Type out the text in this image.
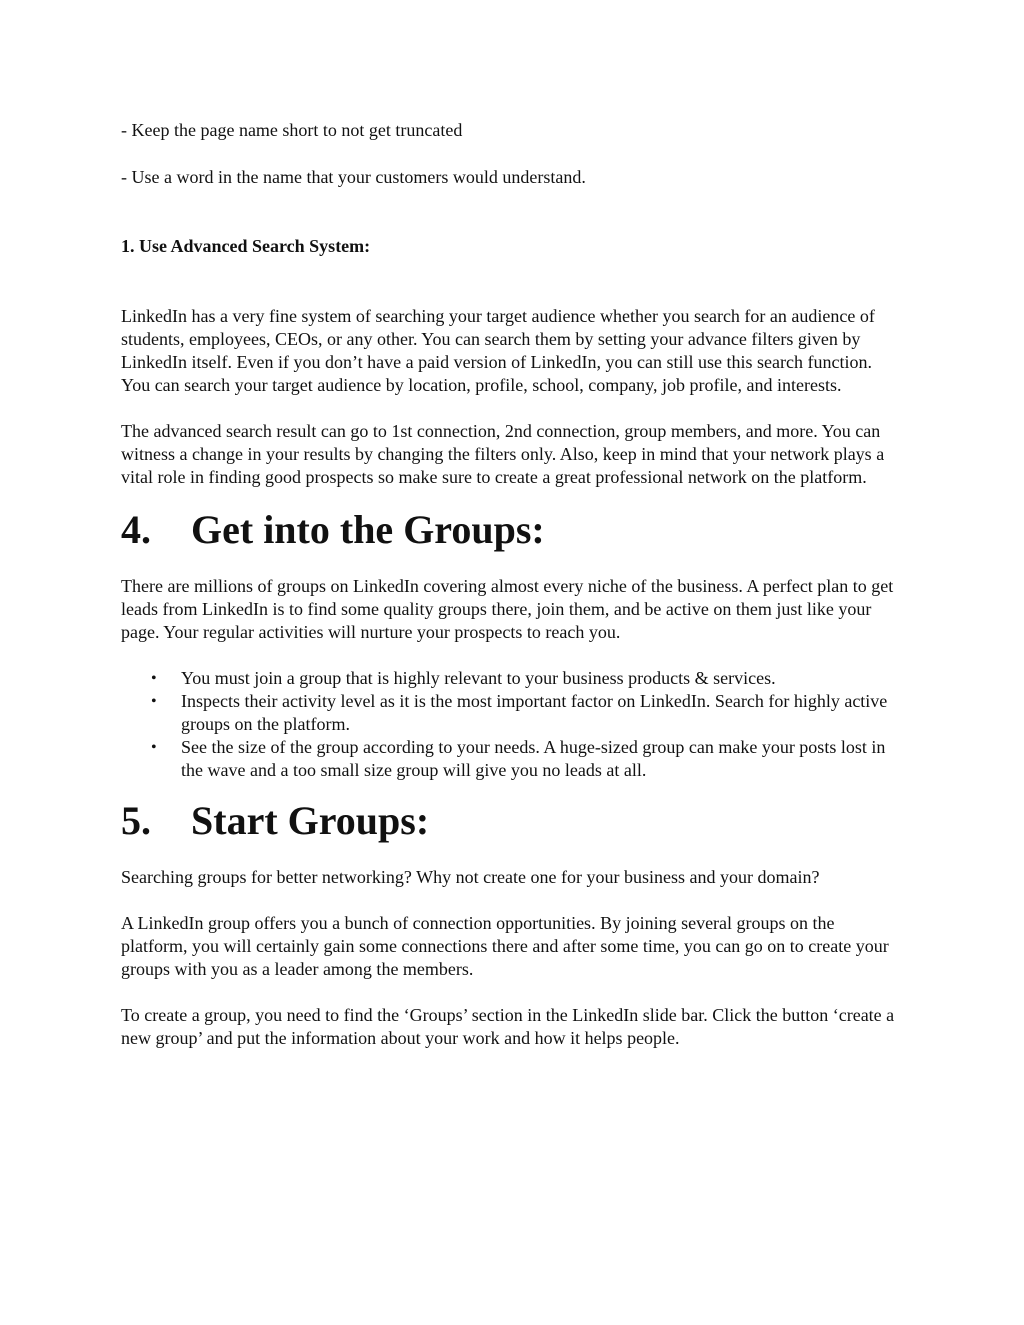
- Keep the page name short to not get truncated

- Use a word in the name that your customers would understand.

1. Use Advanced Search System:

LinkedIn has a very fine system of searching your target audience whether you search for an audience of students, employees, CEOs, or any other. You can search them by setting your advance filters given by LinkedIn itself. Even if you don’t have a paid version of LinkedIn, you can still use this search function. You can search your target audience by location, profile, school, company, job profile, and interests.

The advanced search result can go to 1st connection, 2nd connection, group members, and more. You can witness a change in your results by changing the filters only. Also, keep in mind that your network plays a vital role in finding good prospects so make sure to create a great professional network on the platform.

4.	Get into the Groups:

There are millions of groups on LinkedIn covering almost every niche of the business. A perfect plan to get leads from LinkedIn is to find some quality groups there, join them, and be active on them just like your page. Your regular activities will nurture your prospects to reach you.

• You must join a group that is highly relevant to your business products & services.
• Inspects their activity level as it is the most important factor on LinkedIn. Search for highly active groups on the platform.
• See the size of the group according to your needs. A huge-sized group can make your posts lost in the wave and a too small size group will give you no leads at all.
5.	Start Groups:

Searching groups for better networking? Why not create one for your business and your domain?

A LinkedIn group offers you a bunch of connection opportunities. By joining several groups on the platform, you will certainly gain some connections there and after some time, you can go on to create your groups with you as a leader among the members.

To create a group, you need to find the ‘Groups’ section in the LinkedIn slide bar. Click the button ‘create a new group’ and put the information about your work and how it helps people.
